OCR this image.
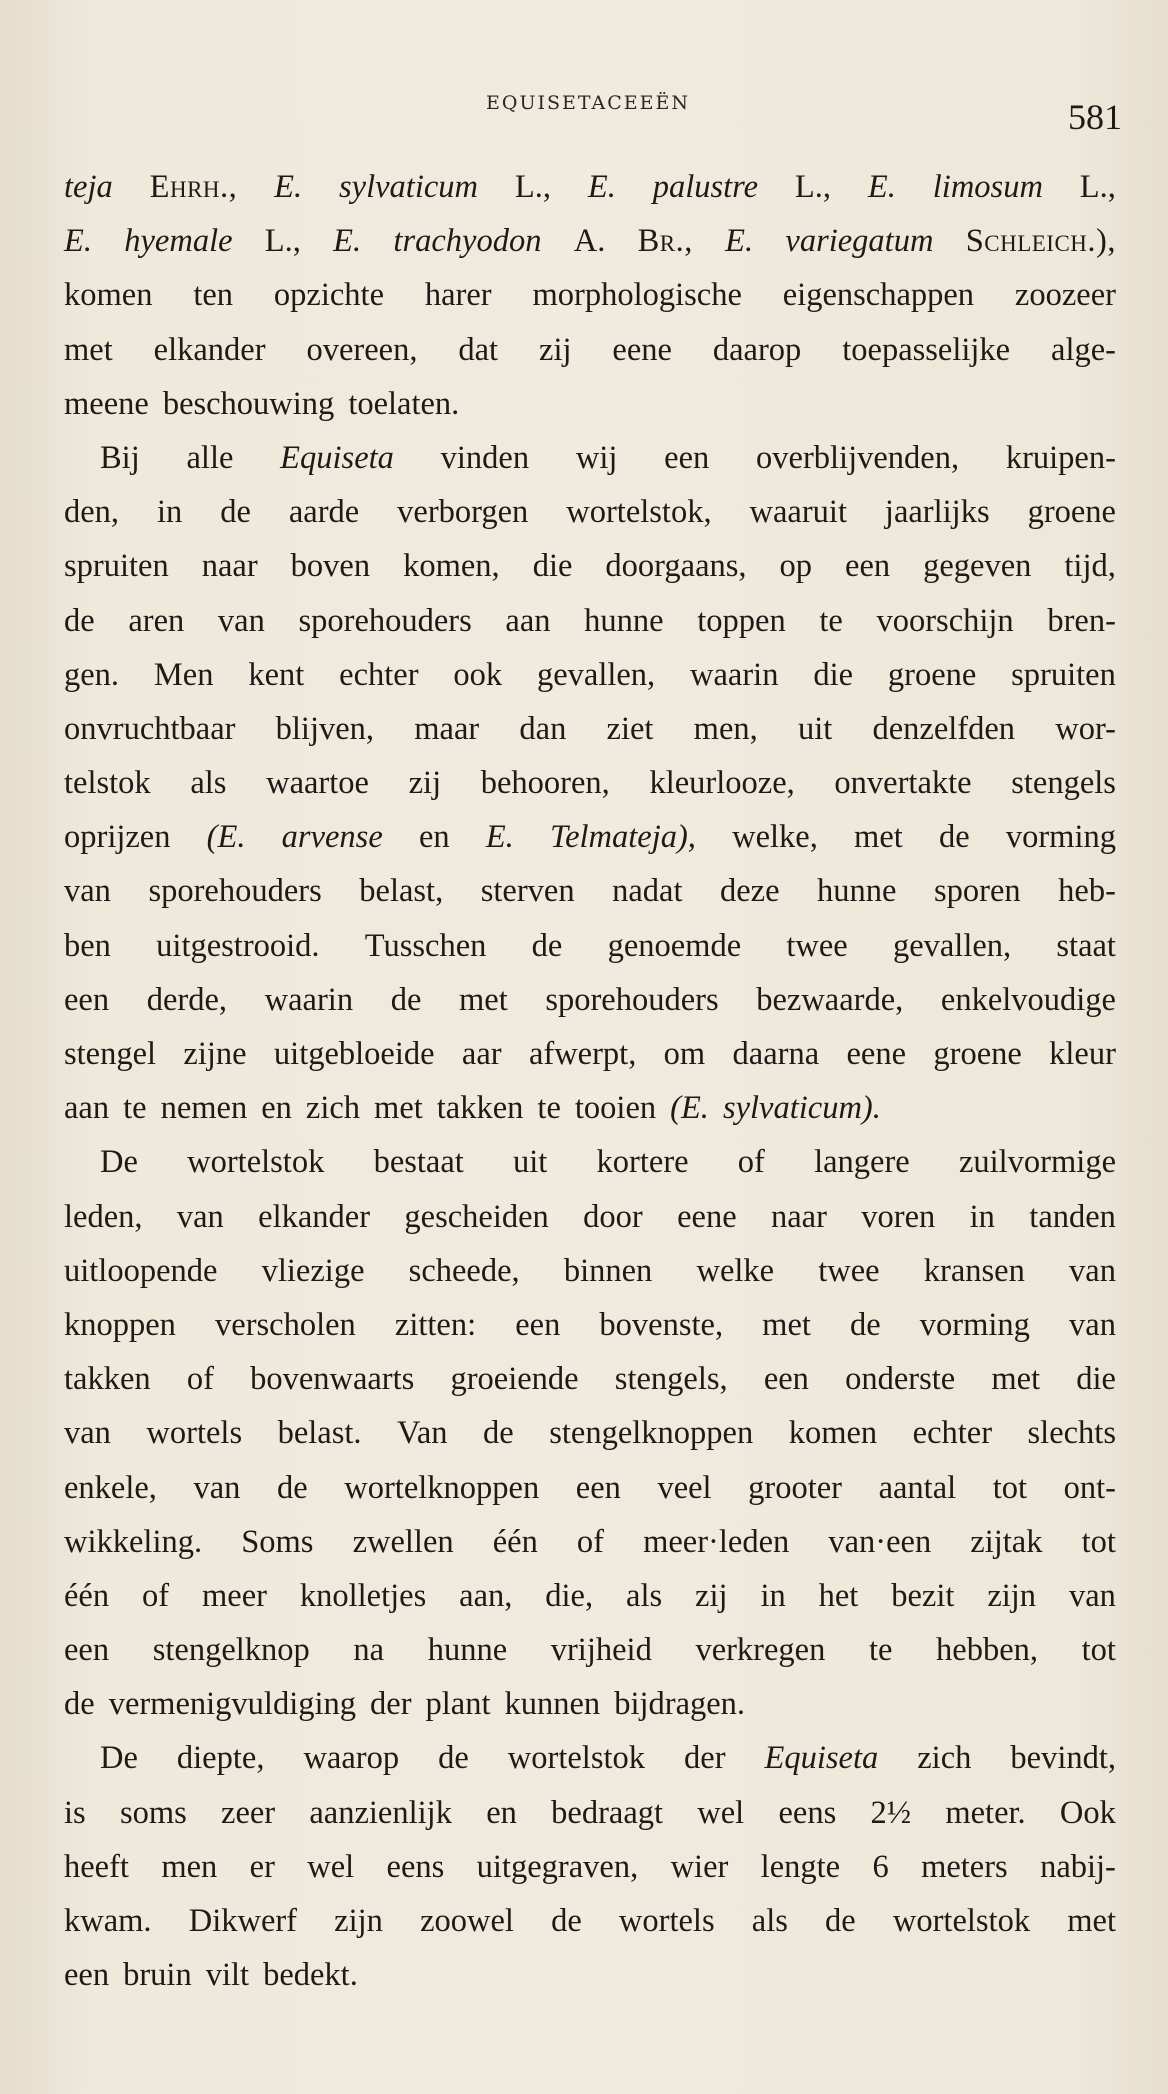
EQUISETACEEËN	581
teja Ehrh., E. sylvaticum L., E. palustre L., E. limosum L.,
E. hyemale L., E. trachyodon A. Br., E. variegatum Schleich.),
komen ten opzichte harer morphologische eigenschappen zoozeer
met elkander overeen, dat zij eene daarop toepasselijke alge-
meene beschouwing toelaten.
Bij alle Equiseta vinden wij een overblijvenden, kruipen-
den, in de aarde verborgen wortelstok, waaruit jaarlijks groene
spruiten naar boven komen, die doorgaans, op een gegeven tijd,
de aren van sporehouders aan hunne toppen te voorschijn bren-
gen. Men kent echter ook gevallen, waarin die groene spruiten
onvruchtbaar blijven, maar dan ziet men, uit denzelfden wor-
telstok als waartoe zij behooren, kleurlooze, onvertakte stengels
oprijzen (E. arvense en E. Telmateja), welke, met de vorming
van sporehouders belast, sterven nadat deze hunne sporen heb-
ben uitgestrooid. Tusschen de genoemde twee gevallen, staat
een derde, waarin de met sporehouders bezwaarde, enkelvoudige
stengel zijne uitgebloeide aar afwerpt, om daarna eene groene kleur
aan te nemen en zich met takken te tooien (E. sylvaticum).
De wortelstok bestaat uit kortere of langere zuilvormige
leden, van elkander gescheiden door eene naar voren in tanden
uitloopende vliezige scheede, binnen welke twee kransen van
knoppen verscholen zitten: een bovenste, met de vorming van
takken of bovenwaarts groeiende stengels, een onderste met die
van wortels belast. Van de stengelknoppen komen echter slechts
enkele, van de wortelknoppen een veel grooter aantal tot ont-
wikkeling. Soms zwellen één of meer·leden van·een zijtak tot
één of meer knolletjes aan, die, als zij in het bezit zijn van
een stengelknop na hunne vrijheid verkregen te hebben, tot
de vermenigvuldiging der plant kunnen bijdragen.
De diepte, waarop de wortelstok der Equiseta zich bevindt,
is soms zeer aanzienlijk en bedraagt wel eens 2½ meter. Ook
heeft men er wel eens uitgegraven, wier lengte 6 meters nabij-
kwam. Dikwerf zijn zoowel de wortels als de wortelstok met
een bruin vilt bedekt.
